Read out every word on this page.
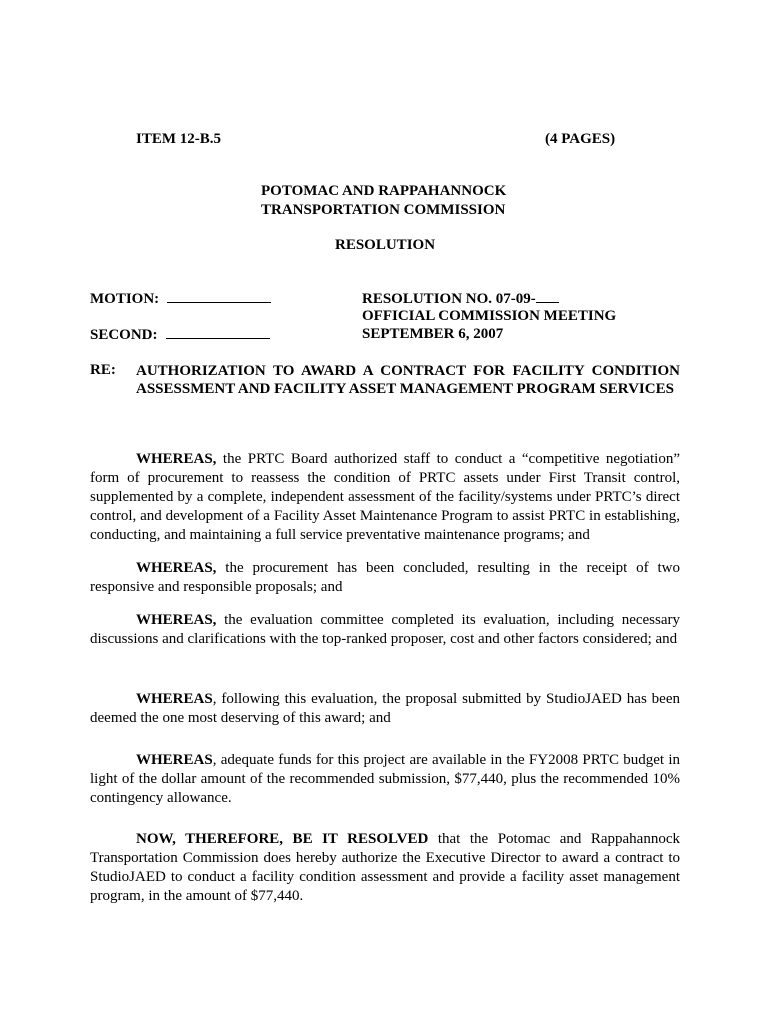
ITEM 12-B.5	(4 PAGES)
POTOMAC AND RAPPAHANNOCK
TRANSPORTATION COMMISSION
RESOLUTION
MOTION:
SECOND:
RESOLUTION NO. 07-09-
OFFICIAL COMMISSION MEETING
SEPTEMBER 6, 2007
RE: AUTHORIZATION TO AWARD A CONTRACT FOR FACILITY CONDITION ASSESSMENT AND FACILITY ASSET MANAGEMENT PROGRAM SERVICES

WHEREAS, the PRTC Board authorized staff to conduct a “competitive negotiation” form of procurement to reassess the condition of PRTC assets under First Transit control, supplemented by a complete, independent assessment of the facility/systems under PRTC’s direct control, and development of a Facility Asset Maintenance Program to assist PRTC in establishing, conducting, and maintaining a full service preventative maintenance programs; and

WHEREAS, the procurement has been concluded, resulting in the receipt of two responsive and responsible proposals; and

WHEREAS, the evaluation committee completed its evaluation, including necessary discussions and clarifications with the top-ranked proposer, cost and other factors considered; and

WHEREAS, following this evaluation, the proposal submitted by StudioJAED has been deemed the one most deserving of this award; and

WHEREAS, adequate funds for this project are available in the FY2008 PRTC budget in light of the dollar amount of the recommended submission, $77,440, plus the recommended 10% contingency allowance.

NOW, THEREFORE, BE IT RESOLVED that the Potomac and Rappahannock Transportation Commission does hereby authorize the Executive Director to award a contract to StudioJAED to conduct a facility condition assessment and provide a facility asset management program, in the amount of $77,440.
